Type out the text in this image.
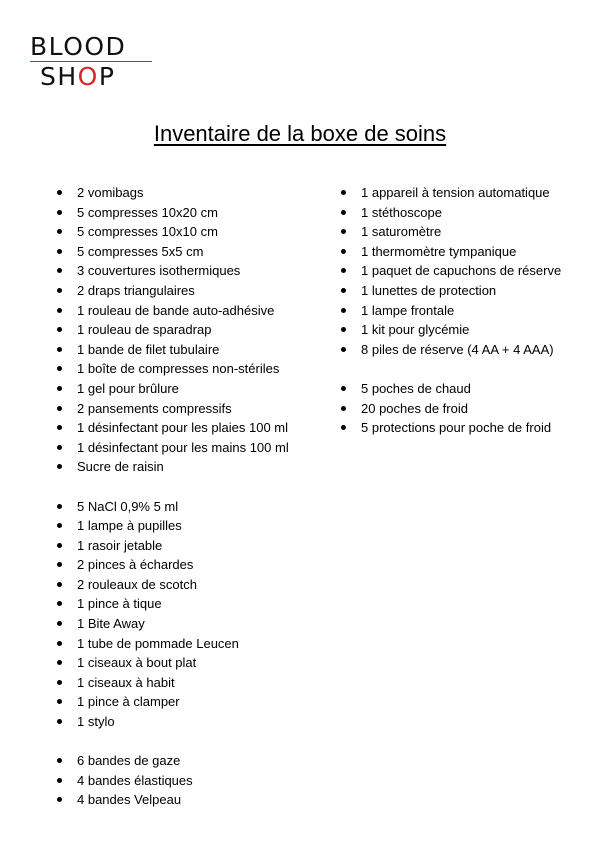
BLOOD
SHOP
Inventaire de la boxe de soins
2 vomibags
5 compresses 10x20 cm
5 compresses 10x10 cm
5 compresses 5x5 cm
3 couvertures isothermiques
2 draps triangulaires
1 rouleau de bande auto-adhésive
1 rouleau de sparadrap
1 bande de filet tubulaire
1 boîte de compresses non-stériles
1 gel pour brûlure
2 pansements compressifs
1 désinfectant pour les plaies 100 ml
1 désinfectant pour les mains 100 ml
Sucre de raisin
5 NaCl 0,9% 5 ml
1 lampe à pupilles
1 rasoir jetable
2 pinces à échardes
2 rouleaux de scotch
1 pince à tique
1 Bite Away
1 tube de pommade Leucen
1 ciseaux à bout plat
1 ciseaux à habit
1 pince à clamper
1 stylo
6 bandes de gaze
4 bandes élastiques
4 bandes Velpeau
1 appareil à tension automatique
1 stéthoscope
1 saturomètre
1 thermomètre tympanique
1 paquet de capuchons de réserve
1 lunettes de protection
1 lampe frontale
1 kit pour glycémie
8 piles de réserve (4 AA + 4 AAA)
5 poches de chaud
20 poches de froid
5 protections pour poche de froid
